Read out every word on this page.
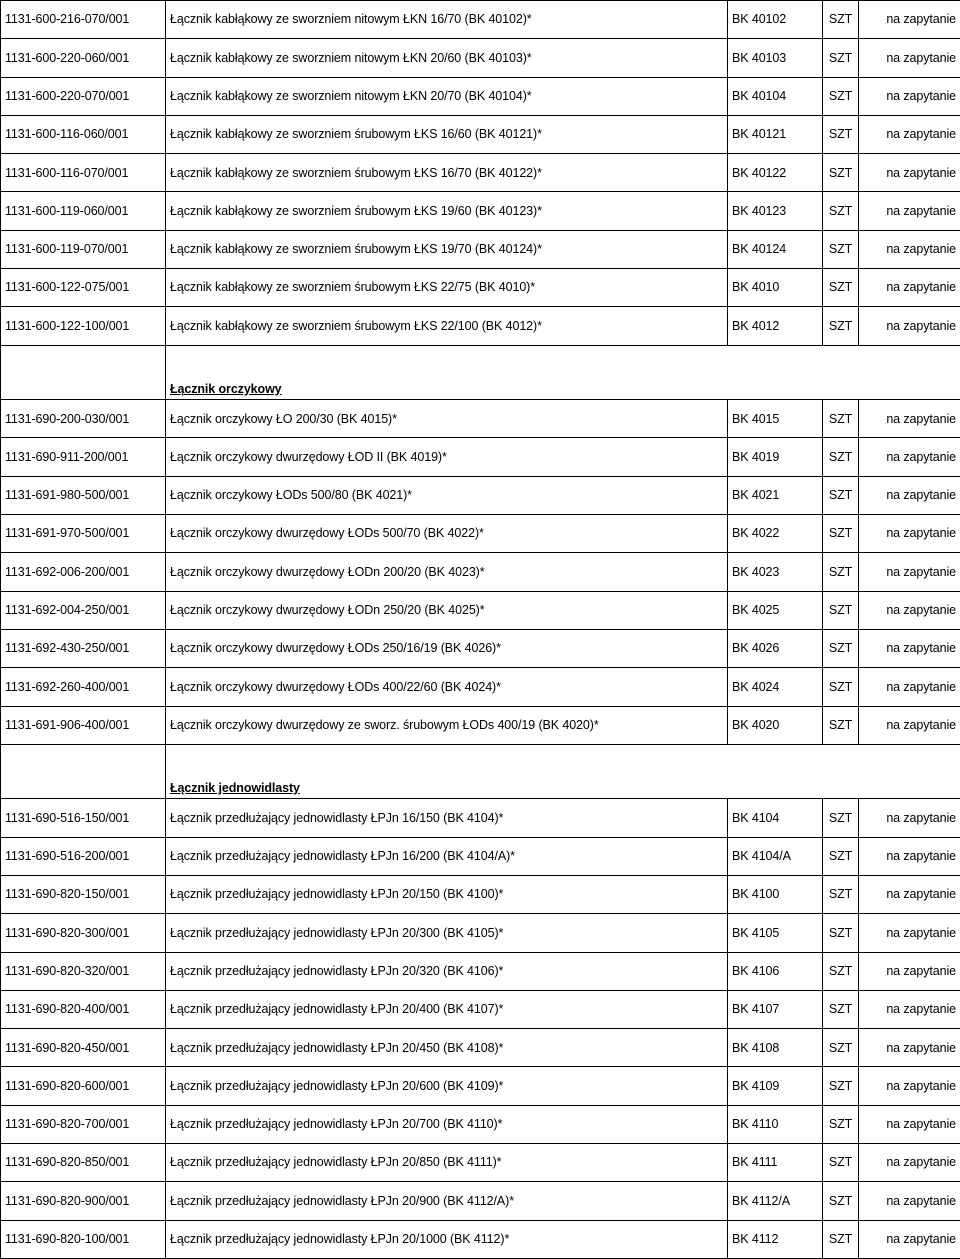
1131-600-216-070/001	Łącznik kabłąkowy ze sworzniem nitowym ŁKN 16/70 (BK 40102)*	BK 40102	SZT	na zapytanie
1131-600-220-060/001	Łącznik kabłąkowy ze sworzniem nitowym ŁKN 20/60 (BK 40103)*	BK 40103	SZT	na zapytanie
1131-600-220-070/001	Łącznik kabłąkowy ze sworzniem nitowym ŁKN 20/70 (BK 40104)*	BK 40104	SZT	na zapytanie
1131-600-116-060/001	Łącznik kabłąkowy ze sworzniem śrubowym ŁKS 16/60 (BK 40121)*	BK 40121	SZT	na zapytanie
1131-600-116-070/001	Łącznik kabłąkowy ze sworzniem śrubowym ŁKS 16/70 (BK 40122)*	BK 40122	SZT	na zapytanie
1131-600-119-060/001	Łącznik kabłąkowy ze sworzniem śrubowym ŁKS 19/60 (BK 40123)*	BK 40123	SZT	na zapytanie
1131-600-119-070/001	Łącznik kabłąkowy ze sworzniem śrubowym ŁKS 19/70 (BK 40124)*	BK 40124	SZT	na zapytanie
1131-600-122-075/001	Łącznik kabłąkowy ze sworzniem śrubowym ŁKS 22/75 (BK 4010)*	BK 4010	SZT	na zapytanie
1131-600-122-100/001	Łącznik kabłąkowy ze sworzniem śrubowym ŁKS 22/100 (BK 4012)*	BK 4012	SZT	na zapytanie
	Łącznik orczykowy			
1131-690-200-030/001	Łącznik orczykowy ŁO 200/30 (BK 4015)*	BK 4015	SZT	na zapytanie
1131-690-911-200/001	Łącznik orczykowy dwurzędowy ŁOD II (BK 4019)*	BK 4019	SZT	na zapytanie
1131-691-980-500/001	Łącznik orczykowy ŁODs 500/80 (BK 4021)*	BK 4021	SZT	na zapytanie
1131-691-970-500/001	Łącznik orczykowy dwurzędowy ŁODs 500/70 (BK 4022)*	BK 4022	SZT	na zapytanie
1131-692-006-200/001	Łącznik orczykowy dwurzędowy ŁODn 200/20 (BK 4023)*	BK 4023	SZT	na zapytanie
1131-692-004-250/001	Łącznik orczykowy dwurzędowy ŁODn 250/20 (BK 4025)*	BK 4025	SZT	na zapytanie
1131-692-430-250/001	Łącznik orczykowy dwurzędowy ŁODs 250/16/19 (BK 4026)*	BK 4026	SZT	na zapytanie
1131-692-260-400/001	Łącznik orczykowy dwurzędowy ŁODs 400/22/60 (BK 4024)*	BK 4024	SZT	na zapytanie
1131-691-906-400/001	Łącznik orczykowy dwurzędowy ze sworz. śrubowym ŁODs 400/19 (BK 4020)*	BK 4020	SZT	na zapytanie
	Łącznik jednowidlasty			
1131-690-516-150/001	Łącznik przedłużający jednowidlasty ŁPJn 16/150 (BK 4104)*	BK 4104	SZT	na zapytanie
1131-690-516-200/001	Łącznik przedłużający jednowidlasty ŁPJn 16/200 (BK 4104/A)*	BK 4104/A	SZT	na zapytanie
1131-690-820-150/001	Łącznik przedłużający jednowidlasty ŁPJn 20/150 (BK 4100)*	BK 4100	SZT	na zapytanie
1131-690-820-300/001	Łącznik przedłużający jednowidlasty ŁPJn 20/300 (BK 4105)*	BK 4105	SZT	na zapytanie
1131-690-820-320/001	Łącznik przedłużający jednowidlasty ŁPJn 20/320 (BK 4106)*	BK 4106	SZT	na zapytanie
1131-690-820-400/001	Łącznik przedłużający jednowidlasty ŁPJn 20/400 (BK 4107)*	BK 4107	SZT	na zapytanie
1131-690-820-450/001	Łącznik przedłużający jednowidlasty ŁPJn 20/450 (BK 4108)*	BK 4108	SZT	na zapytanie
1131-690-820-600/001	Łącznik przedłużający jednowidlasty ŁPJn 20/600 (BK 4109)*	BK 4109	SZT	na zapytanie
1131-690-820-700/001	Łącznik przedłużający jednowidlasty ŁPJn 20/700 (BK 4110)*	BK 4110	SZT	na zapytanie
1131-690-820-850/001	Łącznik przedłużający jednowidlasty ŁPJn 20/850 (BK 4111)*	BK 4111	SZT	na zapytanie
1131-690-820-900/001	Łącznik przedłużający jednowidlasty ŁPJn 20/900 (BK 4112/A)*	BK 4112/A	SZT	na zapytanie
1131-690-820-100/001	Łącznik przedłużający jednowidlasty ŁPJn 20/1000 (BK 4112)*	BK 4112	SZT	na zapytanie
